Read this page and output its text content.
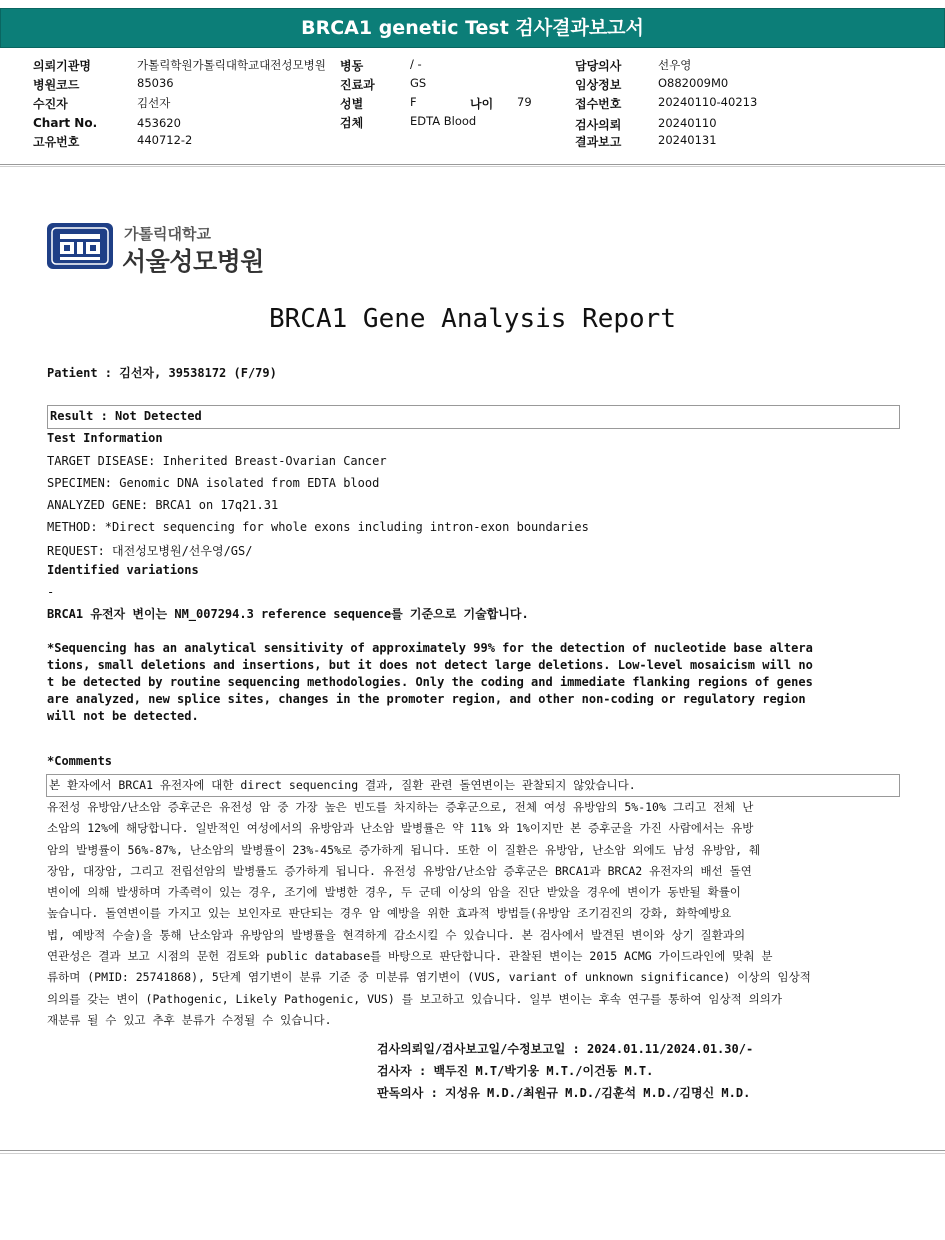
BRCA1 genetic Test 검사결과보고서
의뢰기관명	가톨릭학원가톨릭대학교대전성모병원 병동	/ -	담당의사	선우영
병원코드	85036	진료과	GS	임상정보	O882009M0
수진자	김선자	성별	F	나이 79	접수번호	20240110-40213
Chart No.	453620	검체	EDTA Blood	검사의뢰	20240110
고유번호	440712-2	결과보고	20240131
가톨릭대학교
서울성모병원
BRCA1 Gene Analysis Report
Patient : 김선자, 39538172 (F/79)
Result : Not Detected
Test Information
TARGET DISEASE: Inherited Breast-Ovarian Cancer
SPECIMEN: Genomic DNA isolated from EDTA blood
ANALYZED GENE: BRCA1 on 17q21.31
METHOD: *Direct sequencing for whole exons including intron-exon boundaries
REQUEST: 대전성모병원/선우영/GS/
Identified variations
-
BRCA1 유전자 변이는 NM_007294.3 reference sequence를 기준으로 기술합니다.

*Sequencing has an analytical sensitivity of approximately 99% for the detection of nucleotide base altera
tions, small deletions and insertions, but it does not detect large deletions. Low-level mosaicism will no
t be detected by routine sequencing methodologies. Only the coding and immediate flanking regions of genes
are analyzed, new splice sites, changes in the promoter region, and other non-coding or regulatory region
will not be detected.
*Comments
본 환자에서 BRCA1 유전자에 대한 direct sequencing 결과, 질환 관련 돌연변이는 관찰되지 않았습니다.
유전성 유방암/난소암 증후군은 유전성 암 중 가장 높은 빈도를 차지하는 증후군으로, 전체 여성 유방암의 5%-10% 그리고 전체 난
소암의 12%에 해당합니다. 일반적인 여성에서의 유방암과 난소암 발병률은 약 11% 와 1%이지만 본 증후군을 가진 사람에서는 유방
암의 발병률이 56%-87%, 난소암의 발병률이 23%-45%로 증가하게 됩니다. 또한 이 질환은 유방암, 난소암 외에도 남성 유방암, 췌
장암, 대장암, 그리고 전립선암의 발병률도 증가하게 됩니다. 유전성 유방암/난소암 증후군은 BRCA1과 BRCA2 유전자의 배선 돌연
변이에 의해 발생하며 가족력이 있는 경우, 조기에 발병한 경우, 두 군데 이상의 암을 진단 받았을 경우에 변이가 동반될 확률이
높습니다. 돌연변이를 가지고 있는 보인자로 판단되는 경우 암 예방을 위한 효과적 방법들(유방암 조기검진의 강화, 화학예방요
법, 예방적 수술)을 통해 난소암과 유방암의 발병률을 현격하게 감소시킬 수 있습니다. 본 검사에서 발견된 변이와 상기 질환과의
연관성은 결과 보고 시점의 문헌 검토와 public database를 바탕으로 판단합니다. 관찰된 변이는 2015 ACMG 가이드라인에 맞춰 분
류하며 (PMID: 25741868), 5단계 염기변이 분류 기준 중 미분류 염기변이 (VUS, variant of unknown significance) 이상의 임상적
의의를 갖는 변이 (Pathogenic, Likely Pathogenic, VUS) 를 보고하고 있습니다. 일부 변이는 후속 연구를 통하여 임상적 의의가
재분류 될 수 있고 추후 분류가 수정될 수 있습니다.
검사의뢰일/검사보고일/수정보고일 : 2024.01.11/2024.01.30/-
검사자 : 백두진 M.T/박기웅 M.T./이건동 M.T.
판독의사 : 지성유 M.D./최원규 M.D./김훈석 M.D./김명신 M.D.
